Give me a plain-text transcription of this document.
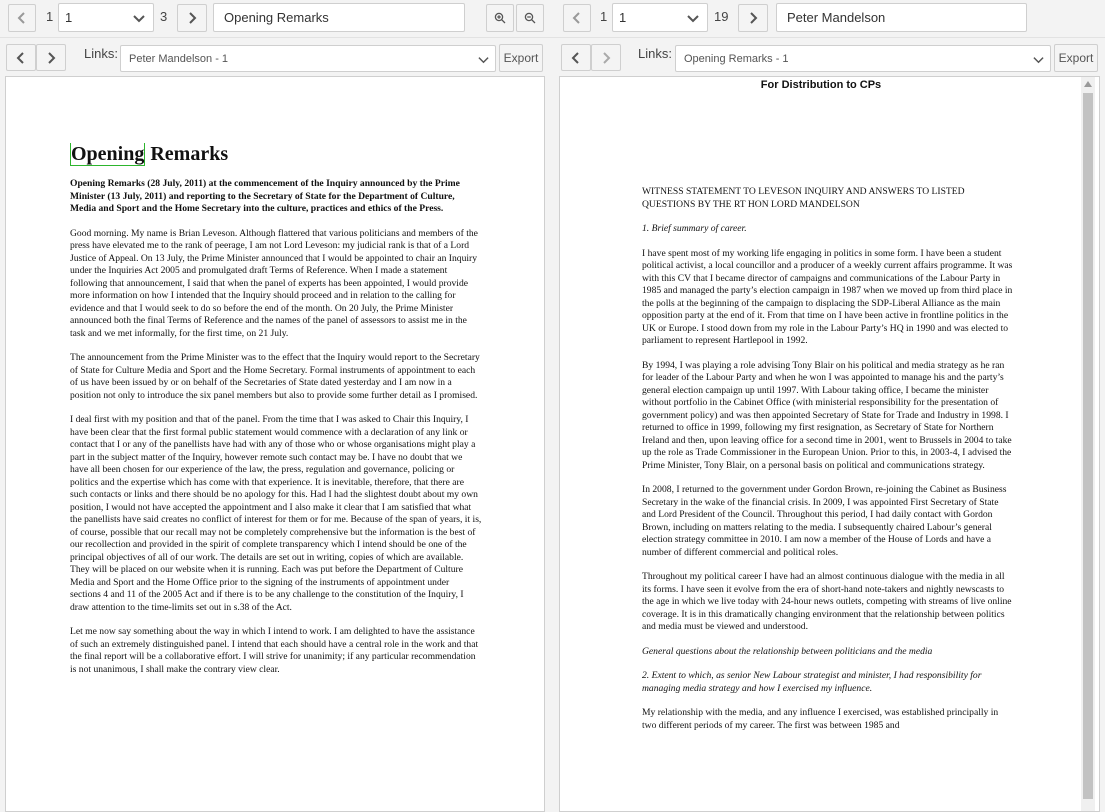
1 1	3	Opening Remarks	1 1	19	Peter Mandelson
Links: Peter Mandelson - 1	Export	Links: Opening Remarks - 1	Export
Opening Remarks

Opening Remarks (28 July, 2011) at the commencement of the Inquiry announced by the Prime Minister (13 July, 2011) and reporting to the Secretary of State for the Department of Culture, Media and Sport and the Home Secretary into the culture, practices and ethics of the Press.

Good morning. My name is Brian Leveson. Although flattered that various politicians and members of the press have elevated me to the rank of peerage, I am not Lord Leveson: my judicial rank is that of a Lord Justice of Appeal. On 13 July, the Prime Minister announced that I would be appointed to chair an Inquiry under the Inquiries Act 2005 and promulgated draft Terms of Reference. When I made a statement following that announcement, I said that when the panel of experts has been appointed, I would provide more information on how I intended that the Inquiry should proceed and in relation to the calling for evidence and that I would seek to do so before the end of the month. On 20 July, the Prime Minister announced both the final Terms of Reference and the names of the panel of assessors to assist me in the task and we met informally, for the first time, on 21 July.

The announcement from the Prime Minister was to the effect that the Inquiry would report to the Secretary of State for Culture Media and Sport and the Home Secretary. Formal instruments of appointment to each of us have been issued by or on behalf of the Secretaries of State dated yesterday and I am now in a position not only to introduce the six panel members but also to provide some further detail as I promised.

I deal first with my position and that of the panel. From the time that I was asked to Chair this Inquiry, I have been clear that the first formal public statement would commence with a declaration of any link or contact that I or any of the panellists have had with any of those who or whose organisations might play a part in the subject matter of the Inquiry, however remote such contact may be. I have no doubt that we have all been chosen for our experience of the law, the press, regulation and governance, policing or politics and the expertise which has come with that experience. It is inevitable, therefore, that there are such contacts or links and there should be no apology for this. Had I had the slightest doubt about my own position, I would not have accepted the appointment and I also make it clear that I am satisfied that what the panellists have said creates no conflict of interest for them or for me. Because of the span of years, it is, of course, possible that our recall may not be completely comprehensive but the information is the best of our recollection and provided in the spirit of complete transparency which I intend should be one of the principal objectives of all of our work. The details are set out in writing, copies of which are available. They will be placed on our website when it is running. Each was put before the Department of Culture Media and Sport and the Home Office prior to the signing of the instruments of appointment under sections 4 and 11 of the 2005 Act and if there is to be any challenge to the constitution of the Inquiry, I draw attention to the time-limits set out in s.38 of the Act.

Let me now say something about the way in which I intend to work. I am delighted to have the assistance of such an extremely distinguished panel. I intend that each should have a central role in the work and that the final report will be a collaborative effort. I will strive for unanimity; if any particular recommendation is not unanimous, I shall make the contrary view clear.

For Distribution to CPs

WITNESS STATEMENT TO LEVESON INQUIRY AND ANSWERS TO LISTED QUESTIONS BY THE RT HON LORD MANDELSON

1. Brief summary of career.

I have spent most of my working life engaging in politics in some form. I have been a student political activist, a local councillor and a producer of a weekly current affairs programme. It was with this CV that I became director of campaigns and communications of the Labour Party in 1985 and managed the party’s election campaign in 1987 when we moved up from third place in the polls at the beginning of the campaign to displacing the SDP-Liberal Alliance as the main opposition party at the end of it. From that time on I have been active in frontline politics in the UK or Europe. I stood down from my role in the Labour Party’s HQ in 1990 and was elected to parliament to represent Hartlepool in 1992.

By 1994, I was playing a role advising Tony Blair on his political and media strategy as he ran for leader of the Labour Party and when he won I was appointed to manage his and the party’s general election campaign up until 1997. With Labour taking office, I became the minister without portfolio in the Cabinet Office (with ministerial responsibility for the presentation of government policy) and was then appointed Secretary of State for Trade and Industry in 1998. I returned to office in 1999, following my first resignation, as Secretary of State for Northern Ireland and then, upon leaving office for a second time in 2001, went to Brussels in 2004 to take up the role as Trade Commissioner in the European Union. Prior to this, in 2003-4, I advised the Prime Minister, Tony Blair, on a personal basis on political and communications strategy.

In 2008, I returned to the government under Gordon Brown, re-joining the Cabinet as Business Secretary in the wake of the financial crisis. In 2009, I was appointed First Secretary of State and Lord President of the Council. Throughout this period, I had daily contact with Gordon Brown, including on matters relating to the media. I subsequently chaired Labour’s general election strategy committee in 2010. I am now a member of the House of Lords and have a number of different commercial and political roles.

Throughout my political career I have had an almost continuous dialogue with the media in all its forms. I have seen it evolve from the era of short-hand note-takers and nightly newscasts to the age in which we live today with 24-hour news outlets, competing with streams of live online coverage. It is in this dramatically changing environment that the relationship between politics and media must be viewed and understood.

General questions about the relationship between politicians and the media

2. Extent to which, as senior New Labour strategist and minister, I had responsibility for managing media strategy and how I exercised my influence.

My relationship with the media, and any influence I exercised, was established principally in two different periods of my career. The first was between 1985 and
